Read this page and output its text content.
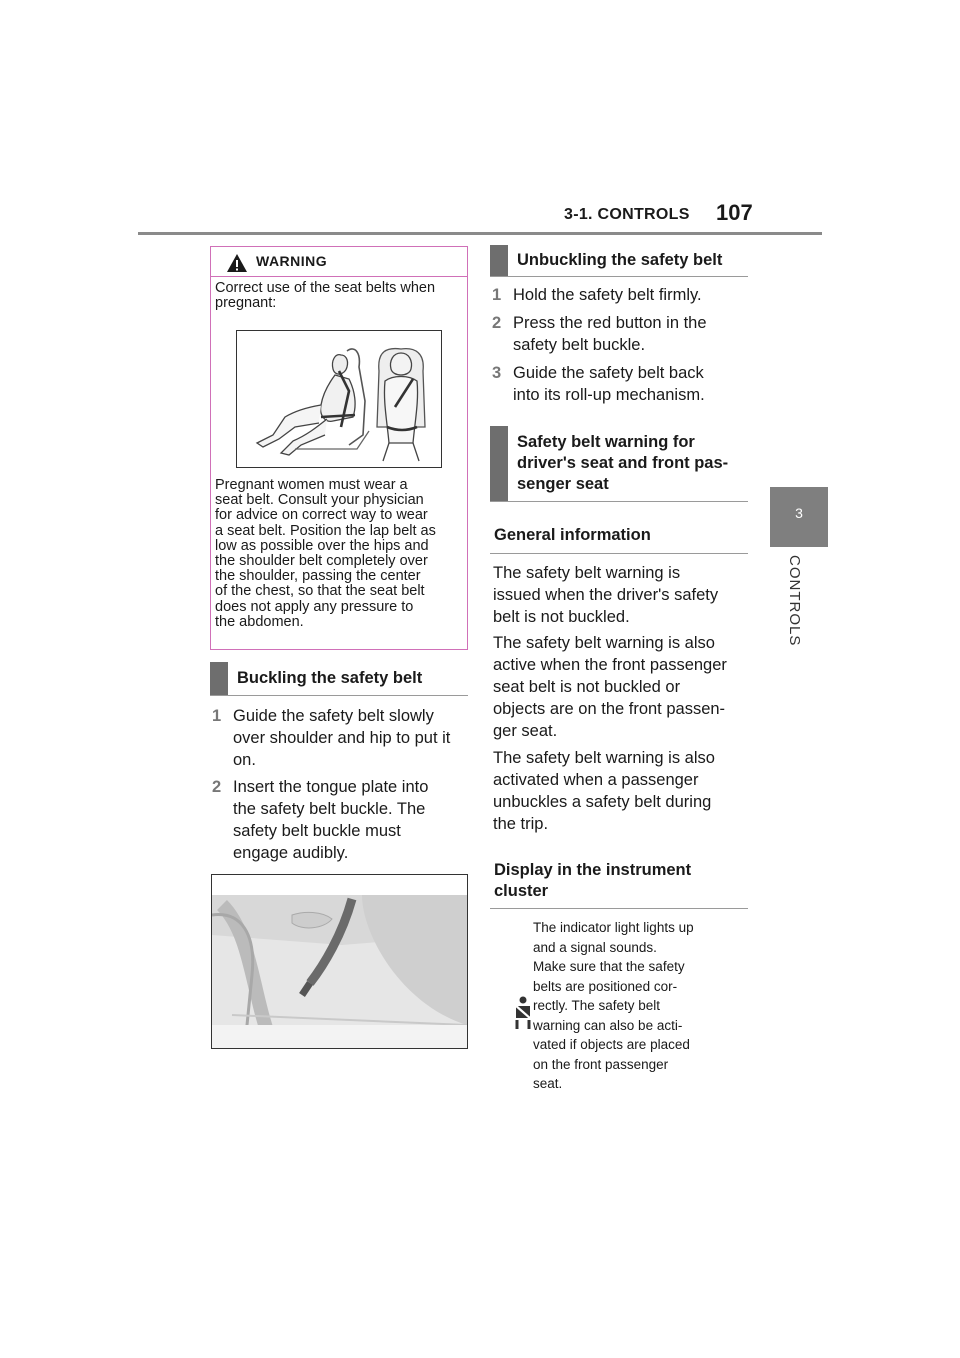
3-1. CONTROLS 107
3
CONTROLS
WARNING
Correct use of the seat belts when pregnant:
Pregnant women must wear a
seat belt. Consult your physician
for advice on correct way to wear
a seat belt. Position the lap belt as
low as possible over the hips and
the shoulder belt completely over
the shoulder, passing the center
of the chest, so that the seat belt
does not apply any pressure to
the abdomen.
Buckling the safety belt
1 Guide the safety belt slowly
over shoulder and hip to put it
on.
2 Insert the tongue plate into
the safety belt buckle. The
safety belt buckle must
engage audibly.
Unbuckling the safety belt
1 Hold the safety belt firmly.
2 Press the red button in the
safety belt buckle.
3 Guide the safety belt back
into its roll-up mechanism.
Safety belt warning for
driver's seat and front pas-
senger seat
General information
The safety belt warning is
issued when the driver's safety
belt is not buckled.
The safety belt warning is also
active when the front passenger
seat belt is not buckled or
objects are on the front passen-
ger seat.
The safety belt warning is also
activated when a passenger
unbuckles a safety belt during
the trip.
Display in the instrument
cluster
The indicator light lights up
and a signal sounds.
Make sure that the safety
belts are positioned cor-
rectly. The safety belt
warning can also be acti-
vated if objects are placed
on the front passenger
seat.
